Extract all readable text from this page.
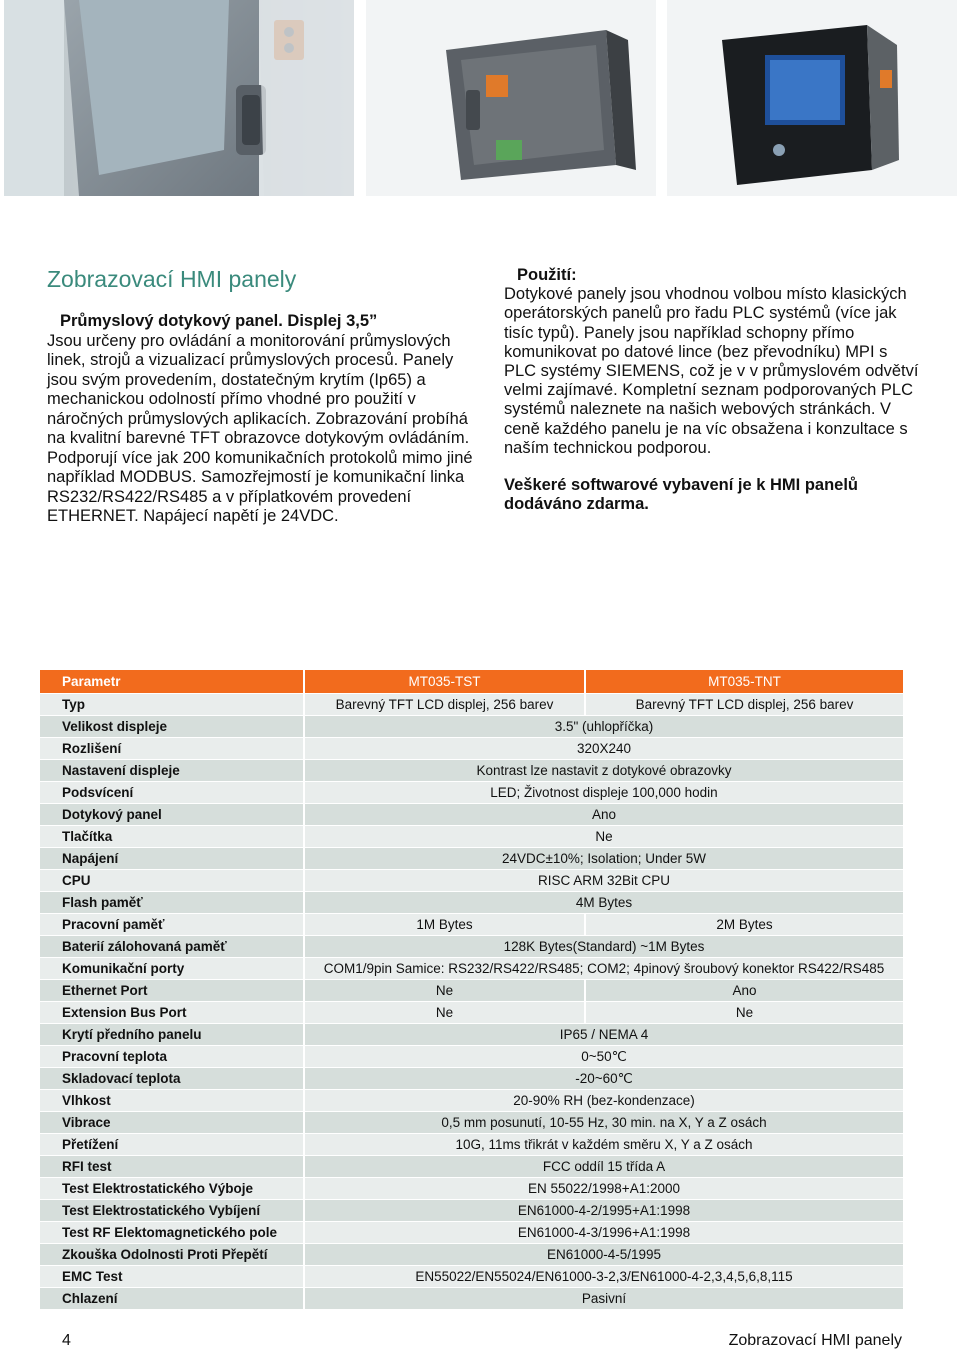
Zobrazovací HMI panely
Průmyslový dotykový panel. Displej 3,5”
Jsou určeny pro ovládání a monitorování průmyslových linek, strojů a vizualizací průmyslových procesů. Panely jsou svým provedením, dostatečným krytím (Ip65) a mechanickou odolností přímo vhodné pro použití v náročných průmyslových aplikacích. Zobrazování probíhá na kvalitní barevné TFT obrazovce dotykovým ovládáním. Podporují více jak 200 komunikačních protokolů mimo jiné například MODBUS. Samozřejmostí je komunikační linka RS232/RS422/RS485 a v příplatkovém provedení ETHERNET. Napájecí napětí je 24VDC.
Použití:
Dotykové panely jsou vhodnou volbou místo klasických operátorských panelů pro řadu PLC systémů (více jak tisíc typů). Panely jsou například schopny přímo komunikovat po datové lince (bez převodníku) MPI s PLC systémy SIEMENS, což je v v průmyslovém odvětví velmi zajímavé. Kompletní seznam podporovaných PLC systémů naleznete na našich webových stránkách. V ceně každého panelu je na víc obsažena i konzultace s naším technickou podporou.
Veškeré softwarové vybavení je k HMI panelů dodáváno zdarma.
Parametr	MT035-TST	MT035-TNT
Typ	Barevný TFT LCD displej, 256 barev	Barevný TFT LCD displej, 256 barev
Velikost displeje	3.5" (uhlopříčka)	
Rozlišení	320X240	
Nastavení displeje	Kontrast lze nastavit z dotykové obrazovky	
Podsvícení	LED; Životnost displeje 100,000 hodin	
Dotykový panel	Ano	
Tlačítka	Ne	
Napájení	24VDC±10%; Isolation; Under 5W	
CPU	RISC ARM 32Bit CPU	
Flash paměť	4M Bytes	
Pracovní paměť	1M Bytes	2M Bytes
Baterií zálohovaná paměť	128K Bytes(Standard) ~1M Bytes	
Komunikační porty	COM1/9pin Samice: RS232/RS422/RS485; COM2; 4pinový šroubový konektor RS422/RS485	
Ethernet Port	Ne	Ano
Extension Bus Port	Ne	Ne
Krytí předního panelu	IP65 / NEMA 4	
Pracovní teplota	0~50℃	
Skladovací teplota	-20~60℃	
Vlhkost	20-90% RH (bez-kondenzace)	
Vibrace	0,5 mm posunutí, 10-55 Hz, 30 min. na X, Y a Z osách	
Přetížení	10G, 11ms třikrát v každém směru X, Y a Z osách	
RFI test	FCC oddíl 15 třída A	
Test Elektrostatického Výboje	EN 55022/1998+A1:2000	
Test Elektrostatického Vybíjení	EN61000-4-2/1995+A1:1998	
Test RF Elektomagnetického pole	EN61000-4-3/1996+A1:1998	
Zkouška Odolnosti Proti Přepětí	EN61000-4-5/1995	
EMC Test	EN55022/EN55024/EN61000-3-2,3/EN61000-4-2,3,4,5,6,8,115	
Chlazení	Pasivní	
4	Zobrazovací HMI panely
